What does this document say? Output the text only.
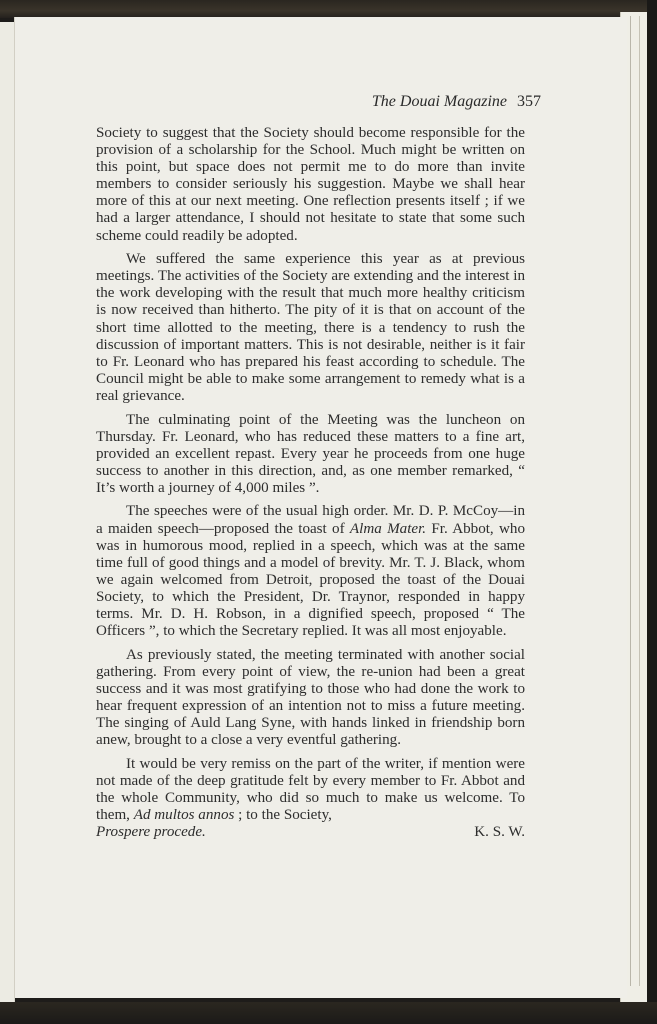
The Douai Magazine 357

Society to suggest that the Society should become responsible for the provision of a scholarship for the School. Much might be written on this point, but space does not permit me to do more than invite members to consider seriously his suggestion. Maybe we shall hear more of this at our next meeting. One reflection presents itself ; if we had a larger attendance, I should not hesitate to state that some such scheme could readily be adopted.

We suffered the same experience this year as at previous meetings. The activities of the Society are extending and the interest in the work developing with the result that much more healthy criticism is now received than hitherto. The pity of it is that on account of the short time allotted to the meeting, there is a tendency to rush the discussion of important matters. This is not desirable, neither is it fair to Fr. Leonard who has prepared his feast according to schedule. The Council might be able to make some arrangement to remedy what is a real grievance.

The culminating point of the Meeting was the luncheon on Thursday. Fr. Leonard, who has reduced these matters to a fine art, provided an excellent repast. Every year he proceeds from one huge success to another in this direction, and, as one member remarked, “ It’s worth a journey of 4,000 miles ”.

The speeches were of the usual high order. Mr. D. P. McCoy—in a maiden speech—proposed the toast of Alma Mater. Fr. Abbot, who was in humorous mood, replied in a speech, which was at the same time full of good things and a model of brevity. Mr. T. J. Black, whom we again welcomed from Detroit, proposed the toast of the Douai Society, to which the President, Dr. Traynor, responded in happy terms. Mr. D. H. Robson, in a dignified speech, proposed “ The Officers ”, to which the Secretary replied. It was all most enjoyable.

As previously stated, the meeting terminated with another social gathering. From every point of view, the re-union had been a great success and it was most gratifying to those who had done the work to hear frequent expression of an intention not to miss a future meeting. The singing of Auld Lang Syne, with hands linked in friendship born anew, brought to a close a very eventful gathering.

It would be very remiss on the part of the writer, if mention were not made of the deep gratitude felt by every member to Fr. Abbot and the whole Community, who did so much to make us welcome. To them, Ad multos annos ; to the Society,

Prospere procede.	K. S. W.
